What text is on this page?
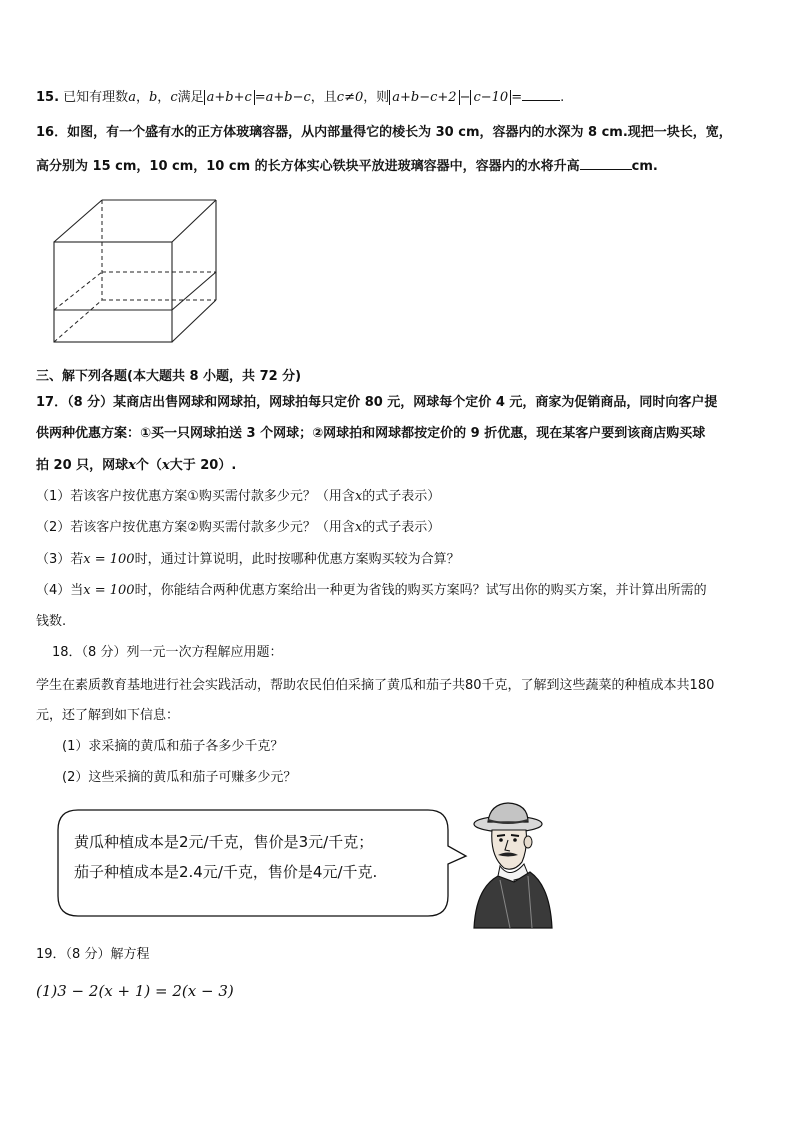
15. 已知有理数a，b，c满足 a+b+c =a+b−c，且c≠0，则 a+b−c+2 − c−10 =	.
16．如图，有一个盛有水的正方体玻璃容器，从内部量得它的棱长为 30 cm，容器内的水深为 8 cm.现把一块长，宽，
高分别为 15 cm，10 cm，10 cm 的长方体实心铁块平放进玻璃容器中，容器内的水将升高	cm.
三、解下列各题(本大题共 8 小题，共 72 分)
17．（8 分）某商店出售网球和网球拍，网球拍每只定价 80 元，网球每个定价 4 元，商家为促销商品，同时向客户提
供两种优惠方案：①买一只网球拍送 3 个网球；②网球拍和网球都按定价的 9 折优惠，现在某客户要到该商店购买球
拍 20 只，网球x个（x大于 20）.
（1）若该客户按优惠方案①购买需付款多少元？（用含x的式子表示）
（2）若该客户按优惠方案②购买需付款多少元？（用含x的式子表示）
（3）若x = 100时，通过计算说明，此时按哪种优惠方案购买较为合算？
（4）当x = 100时，你能结合两种优惠方案给出一种更为省钱的购买方案吗？试写出你的购买方案，并计算出所需的
钱数.
18．（8 分）列一元一次方程解应用题：
学生在素质教育基地进行社会实践活动，帮助农民伯伯采摘了黄瓜和茄子共80千克，了解到这些蔬菜的种植成本共180
元，还了解到如下信息：
(1）求采摘的黄瓜和茄子各多少千克？
(2）这些采摘的黄瓜和茄子可赚多少元？
黄瓜种植成本是2元/千克，售价是3元/千克；
茄子种植成本是2.4元/千克，售价是4元/千克.
19．（8 分）解方程
(1)3 − 2(x + 1) = 2(x − 3)
